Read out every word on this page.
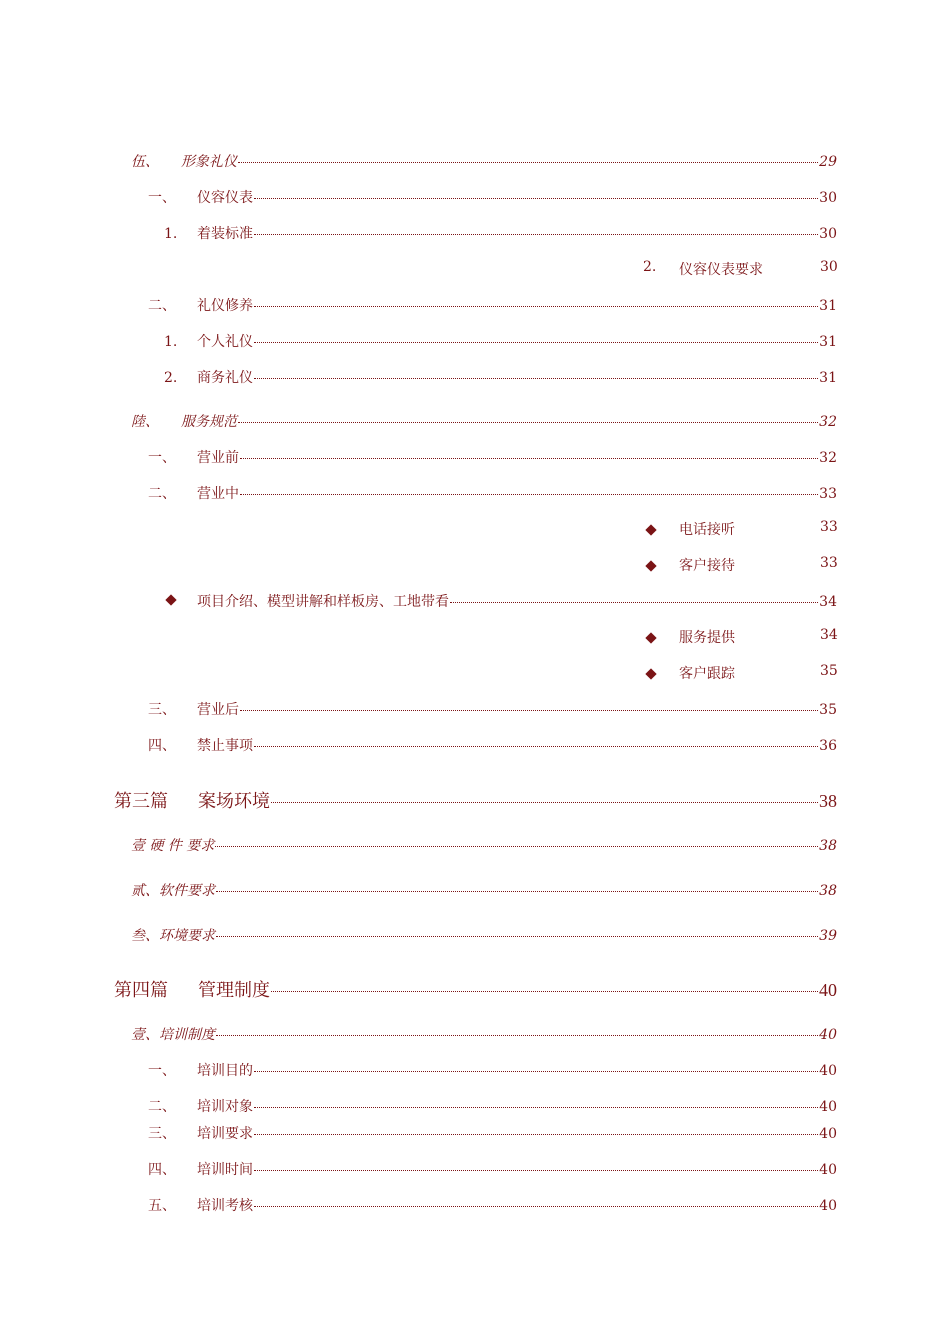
伍、	形象礼仪	29
一、	仪容仪表	30
1.	着装标准	30
2. 仪容仪表要求	30
二、	礼仪修养	31
1.	个人礼仪	31
2.	商务礼仪	31
陸、	服务规范	32
一、	营业前	32
二、	营业中	33
电话接听	33
客户接待	33
项目介绍、模型讲解和样板房、工地带看	34
服务提供	34
客户跟踪	35
三、	营业后	35
四、	禁止事项	36
第三篇	案场环境	38
壹 硬 件 要求	38
贰、软件要求	38
叁、环境要求	39
第四篇	管理制度	40
壹、培训制度	40
一、	培训目的	40
二、	培训对象	40
三、	培训要求	40
四、	培训时间	40
五、	培训考核	40
